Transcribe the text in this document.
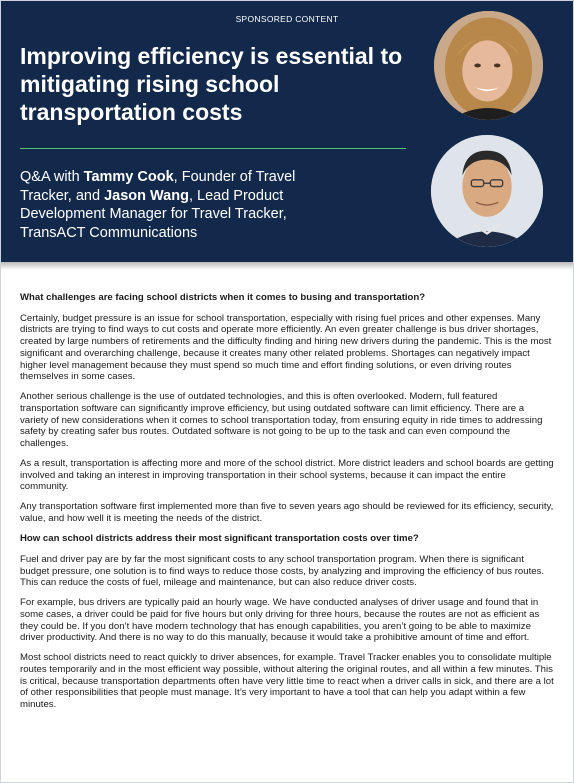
SPONSORED CONTENT
Improving efficiency is essential to mitigating rising school transportation costs
Q&A with Tammy Cook, Founder of Travel Tracker, and Jason Wang, Lead Product Development Manager for Travel Tracker, TransACT Communications
What challenges are facing school districts when it comes to busing and transportation?

Certainly, budget pressure is an issue for school transportation, especially with rising fuel prices and other expenses. Many districts are trying to find ways to cut costs and operate more efficiently. An even greater challenge is bus driver shortages, created by large numbers of retirements and the difficulty finding and hiring new drivers during the pandemic. This is the most significant and overarching challenge, because it creates many other related problems. Shortages can negatively impact higher level management because they must spend so much time and effort finding solutions, or even driving routes themselves in some cases.

Another serious challenge is the use of outdated technologies, and this is often overlooked. Modern, full featured transportation software can significantly improve efficiency, but using outdated software can limit efficiency. There are a variety of new considerations when it comes to school transportation today, from ensuring equity in ride times to addressing safety by creating safer bus routes. Outdated software is not going to be up to the task and can even compound the challenges.

As a result, transportation is affecting more and more of the school district. More district leaders and school boards are getting involved and taking an interest in improving transportation in their school systems, because it can impact the entire community.

Any transportation software first implemented more than five to seven years ago should be reviewed for its efficiency, security, value, and how well it is meeting the needs of the district.

How can school districts address their most significant transportation costs over time?

Fuel and driver pay are by far the most significant costs to any school transportation program. When there is significant budget pressure, one solution is to find ways to reduce those costs, by analyzing and improving the efficiency of bus routes. This can reduce the costs of fuel, mileage and maintenance, but can also reduce driver costs.

For example, bus drivers are typically paid an hourly wage. We have conducted analyses of driver usage and found that in some cases, a driver could be paid for five hours but only driving for three hours, because the routes are not as efficient as they could be. If you don’t have modern technology that has enough capabilities, you aren’t going to be able to maximize driver productivity. And there is no way to do this manually, because it would take a prohibitive amount of time and effort.

Most school districts need to react quickly to driver absences, for example. Travel Tracker enables you to consolidate multiple routes temporarily and in the most efficient way possible, without altering the original routes, and all within a few minutes. This is critical, because transportation departments often have very little time to react when a driver calls in sick, and there are a lot of other responsibilities that people must manage. It’s very important to have a tool that can help you adapt within a few minutes.
